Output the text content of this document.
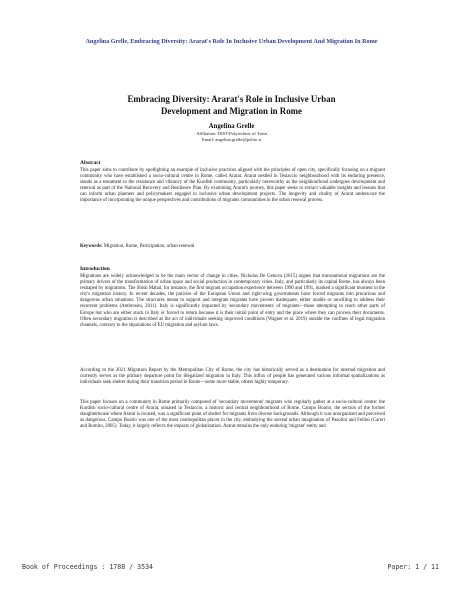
Angelina Grelle, Embracing Diversity: Ararat's Role In Inclusive Urban Development And Migration In Rome
Embracing Diversity: Ararat's Role in Inclusive Urban
Development and Migration in Rome
Angelina Grelle
Affiliation: DIST-Polytechnic of Turin
Email: angelina.grelle@polito.it
Abstract

This paper aims to contribute by spotlighting an example of inclusive practices aligned with the principles of open city, specifically focusing on a migrant community who have established a socio-cultural centre in Rome, called Ararat. Ararat nestled in Testaccio neighbourhood with its enduring presence, stands as a testament to the resistance and vibrancy of the Kurdish community, particularly noteworthy as the neighbourhood undergoes development and renewal as part of the National Recovery and Resilience Plan. By examining Ararat's journey, this paper seeks to extract valuable insights and lessons that can inform urban planners and policymakers engaged in inclusive urban development projects. The longevity and vitality of Ararat underscore the importance of incorporating the unique perspectives and contributions of migrants communities in the urban renewal process.

Keywords: Migration, Rome, Participation, urban renewal
Introduction

Migrations are widely acknowledged to be the main vector of change in cities. Nicholas De Genova (2015) argues that transnational migrations are the primary drivers of the transformation of urban space and social production in contemporary cities. Italy, and particularly its capital Rome, has always been reshaped by migrations. The Shish Mahal, for instance, the first migrant occupation experience between 1990 and 1991, marked a significant moment in the city's migration history. In recent decades, the policies of the European Union and right-wing governments have forced migrants into precarious and dangerous urban situations. The structures meant to support and integrate migrants have proven inadequate, either unable or unwilling to address their recurrent problems (Ambrosini, 2011). Italy is significantly impacted by 'secondary movements' of migrants—those attempting to reach other parts of Europe but who are either stuck in Italy or forced to return because it is their initial point of entry and the place where they can process their documents. Often secondary migration is described as the act of individuals seeking improved conditions (Wagner et al. 2019) outside the confines of legal migration channels, contrary to the stipulations of EU migration and asylum laws.

According to the 2021 Migration Report by the Metropolitan City of Rome, the city has historically served as a destination for internal migration and currently serves as the primary departure point for illegalized migration in Italy. This influx of people has generated various informal spatializations as individuals seek shelter during their transition period in Rome—some more stable, others highly temporary.

This paper focuses on a community in Rome primarily composed of 'secondary movements' migrants who regularly gather at a socio-cultural centre: the Kurdish socio-cultural centre of Ararat, situated in Testaccio, a historic and central neighbourhood of Rome. Campo Boario, the section of the former slaughterhouse where Ararat is located, was a significant point of shelter for migrants from diverse backgrounds. Although it was unorganized and perceived as dangerous, Campo Boario was one of the most cosmopolitan places in the city, embodying the surreal urban imagination of Pasolini and Fellini (Careri and Romito, 2005). Today, it largely reflects the impacts of globalization. Ararat remains the only enduring 'migrant' entity and

Book of Proceedings : 1788 / 3534	Paper: 1 / 11
